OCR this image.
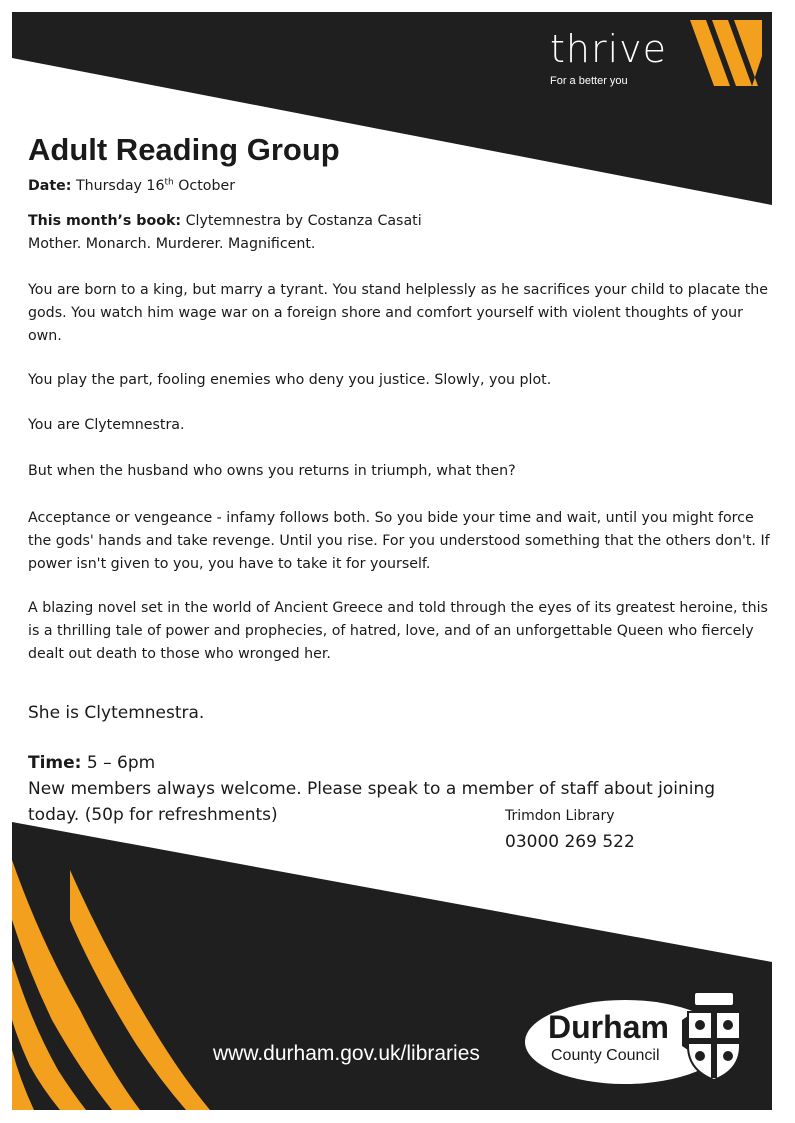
thrive
For a better you
Adult Reading Group
Date: Thursday 16th October
This month’s book: Clytemnestra by Costanza Casati
Mother. Monarch. Murderer. Magnificent.
You are born to a king, but marry a tyrant. You stand helplessly as he sacrifices your child to placate the gods. You watch him wage war on a foreign shore and comfort yourself with violent thoughts of your own.
You play the part, fooling enemies who deny you justice. Slowly, you plot.
You are Clytemnestra.
But when the husband who owns you returns in triumph, what then?
Acceptance or vengeance - infamy follows both. So you bide your time and wait, until you might force the gods' hands and take revenge. Until you rise. For you understood something that the others don't. If power isn't given to you, you have to take it for yourself.
A blazing novel set in the world of Ancient Greece and told through the eyes of its greatest heroine, this is a thrilling tale of power and prophecies, of hatred, love, and of an unforgettable Queen who fiercely dealt out death to those who wronged her.
She is Clytemnestra.
Time: 5 – 6pm
New members always welcome. Please speak to a member of staff about joining
today. (50p for refreshments)	Trimdon Library
03000 269 522
www.durham.gov.uk/libraries
Durham
County Council
